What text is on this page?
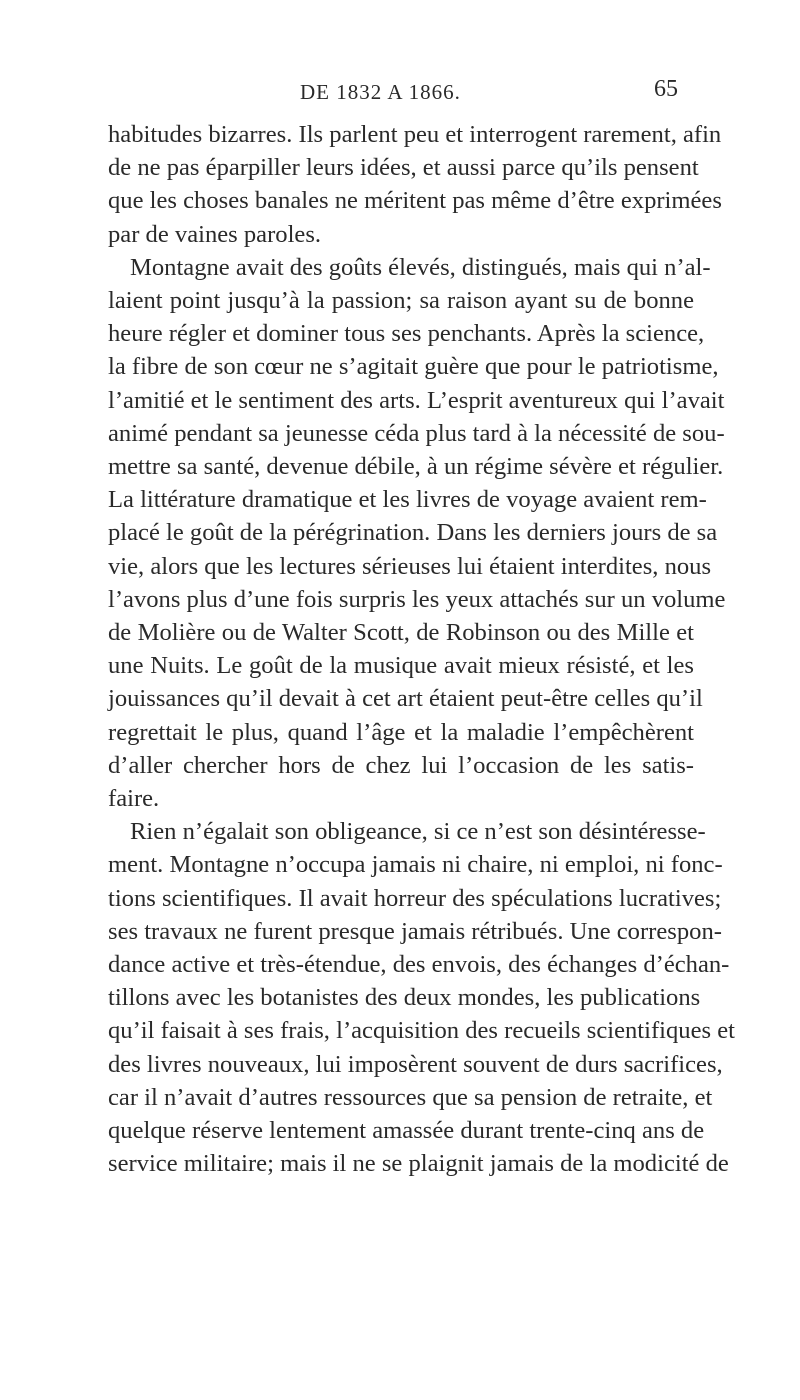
DE 1832 A 1866.	65
habitudes bizarres. Ils parlent peu et interrogent rarement, afin
de ne pas éparpiller leurs idées, et aussi parce qu’ils pensent
que les choses banales ne méritent pas même d’être exprimées
par de vaines paroles.
Montagne avait des goûts élevés, distingués, mais qui n’al-
laient point jusqu’à la passion; sa raison ayant su de bonne
heure régler et dominer tous ses penchants. Après la science,
la fibre de son cœur ne s’agitait guère que pour le patriotisme,
l’amitié et le sentiment des arts. L’esprit aventureux qui l’avait
animé pendant sa jeunesse céda plus tard à la nécessité de sou-
mettre sa santé, devenue débile, à un régime sévère et régulier.
La littérature dramatique et les livres de voyage avaient rem-
placé le goût de la pérégrination. Dans les derniers jours de sa
vie, alors que les lectures sérieuses lui étaient interdites, nous
l’avons plus d’une fois surpris les yeux attachés sur un volume
de Molière ou de Walter Scott, de Robinson ou des Mille et
une Nuits. Le goût de la musique avait mieux résisté, et les
jouissances qu’il devait à cet art étaient peut-être celles qu’il
regrettait le plus, quand l’âge et la maladie l’empêchèrent
d’aller chercher hors de chez lui l’occasion de les satis-
faire.
Rien n’égalait son obligeance, si ce n’est son désintéresse-
ment. Montagne n’occupa jamais ni chaire, ni emploi, ni fonc-
tions scientifiques. Il avait horreur des spéculations lucratives;
ses travaux ne furent presque jamais rétribués. Une correspon-
dance active et très-étendue, des envois, des échanges d’échan-
tillons avec les botanistes des deux mondes, les publications
qu’il faisait à ses frais, l’acquisition des recueils scientifiques et
des livres nouveaux, lui imposèrent souvent de durs sacrifices,
car il n’avait d’autres ressources que sa pension de retraite, et
quelque réserve lentement amassée durant trente-cinq ans de
service militaire; mais il ne se plaignit jamais de la modicité de
